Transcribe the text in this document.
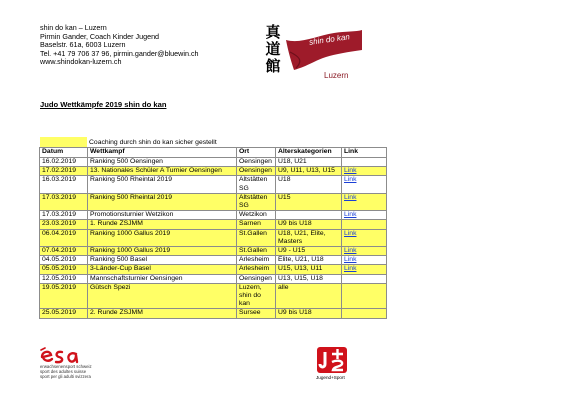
shin do kan – Luzern
Pirmin Gander, Coach Kinder Jugend
Baselstr. 61a, 6003 Luzern
Tel. +41 79 706 37 96, pirmin.gander@bluewin.ch
www.shindokan-luzern.ch
真
道
館
shin do kan
Luzern
Judo Wettkämpfe 2019 shin do kan
Coaching durch shin do kan sicher gestellt
Datum	Wettkampf	Ort	Alterskategorien	Link
16.02.2019	Ranking 500 Oensingen	Oensingen	U18, U21	
17.02.2019	13. Nationales Schüler A Turnier Oensingen	Oensingen	U9, U11, U13, U15	Link
16.03.2019	Ranking 500 Rheintal 2019	Altstätten SG	U18	Link
17.03.2019	Ranking 500 Rheintal 2019	Altstätten SG	U15	Link
17.03.2019	Promotionsturnier Wetzikon	Wetzikon		Link
23.03.2019	1. Runde ZSJMM	Sarnen	U9 bis U18	
06.04.2019	Ranking 1000 Gallus 2019	St.Gallen	U18, U21, Elite, Masters	Link
07.04.2019	Ranking 1000 Gallus 2019	St.Gallen	U9 - U15	Link
04.05.2019	Ranking 500 Basel	Arlesheim	Elite, U21, U18	Link
05.05.2019	3-Länder-Cup Basel	Arlesheim	U15, U13, U11	Link
12.05.2019	Mannschaftsturnier Oensingen	Oensingen	U13, U15, U18	
19.05.2019	Gütsch Spezi	Luzern, shin do kan	alle	
25.05.2019	2. Runde ZSJMM	Sursee	U9 bis U18	
erwachsenensport schweiz
sport des adultes suisse
sport per gli adulti svizzera	Jugend+Sport
